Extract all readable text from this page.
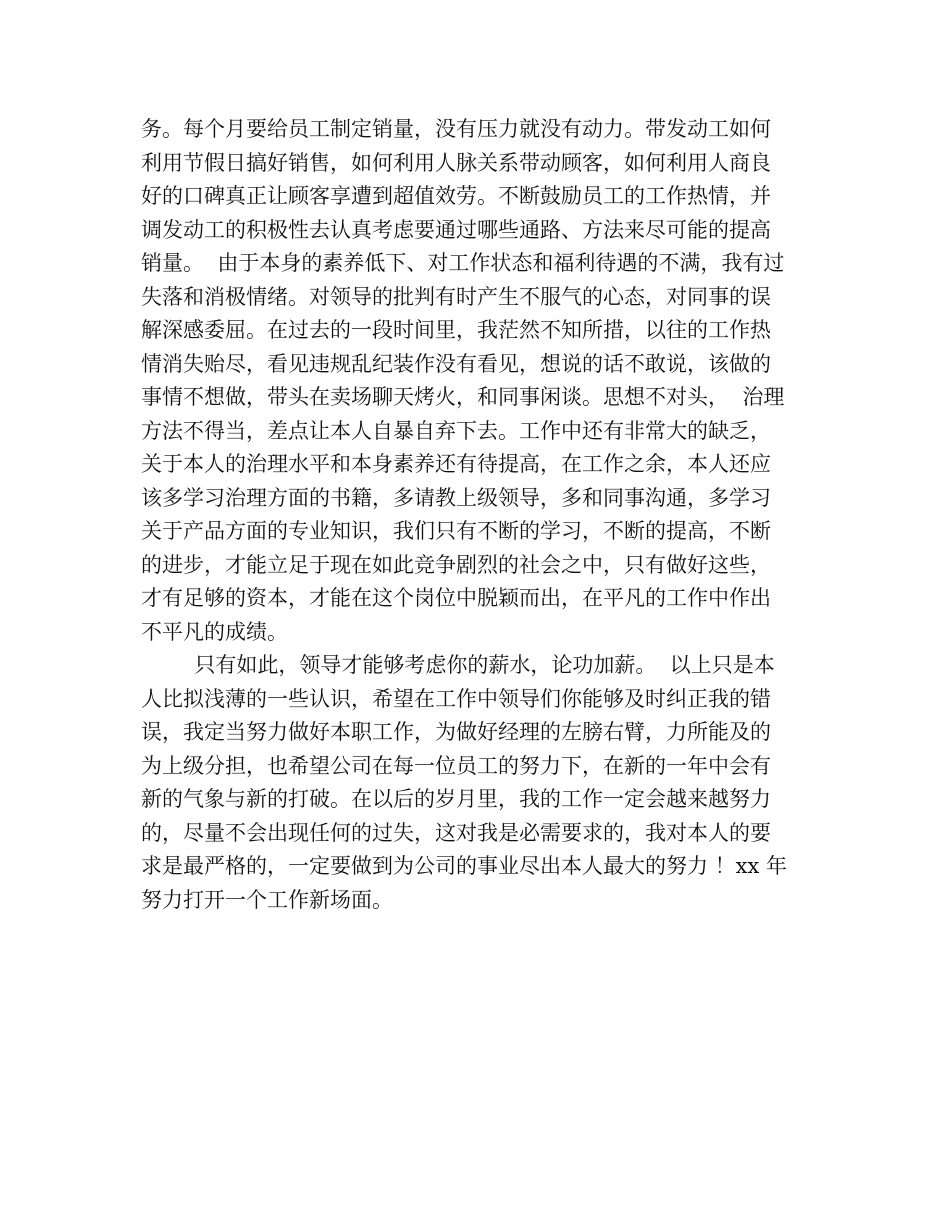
务。每个月要给员工制定销量，没有压力就没有动力。带发动工如何
利用节假日搞好销售，如何利用人脉关系带动顾客，如何利用人商良
好的口碑真正让顾客享遭到超值效劳。不断鼓励员工的工作热情，并
调发动工的积极性去认真考虑要通过哪些通路、方法来尽可能的提高
销量。  由于本身的素养低下、对工作状态和福利待遇的不满，我有过
失落和消极情绪。对领导的批判有时产生不服气的心态，对同事的误
解深感委屈。在过去的一段时间里，我茫然不知所措，以往的工作热
情消失贻尽，看见违规乱纪装作没有看见，想说的话不敢说，该做的
事情不想做，带头在卖场聊天烤火，和同事闲谈。思想不对头，  治理
方法不得当，差点让本人自暴自弃下去。工作中还有非常大的缺乏，
关于本人的治理水平和本身素养还有待提高，在工作之余，本人还应
该多学习治理方面的书籍，多请教上级领导，多和同事沟通，多学习
关于产品方面的专业知识，我们只有不断的学习，不断的提高，不断
的进步，才能立足于现在如此竞争剧烈的社会之中，只有做好这些，
才有足够的资本，才能在这个岗位中脱颖而出，在平凡的工作中作出
不平凡的成绩。
只有如此，领导才能够考虑你的薪水，论功加薪。  以上只是本
人比拟浅薄的一些认识，希望在工作中领导们你能够及时纠正我的错
误，我定当努力做好本职工作，为做好经理的左膀右臂，力所能及的
为上级分担，也希望公司在每一位员工的努力下，在新的一年中会有
新的气象与新的打破。在以后的岁月里，我的工作一定会越来越努力
的，尽量不会出现任何的过失，这对我是必需要求的，我对本人的要
求是最严格的，一定要做到为公司的事业尽出本人最大的努力 ！xx 年
努力打开一个工作新场面。
